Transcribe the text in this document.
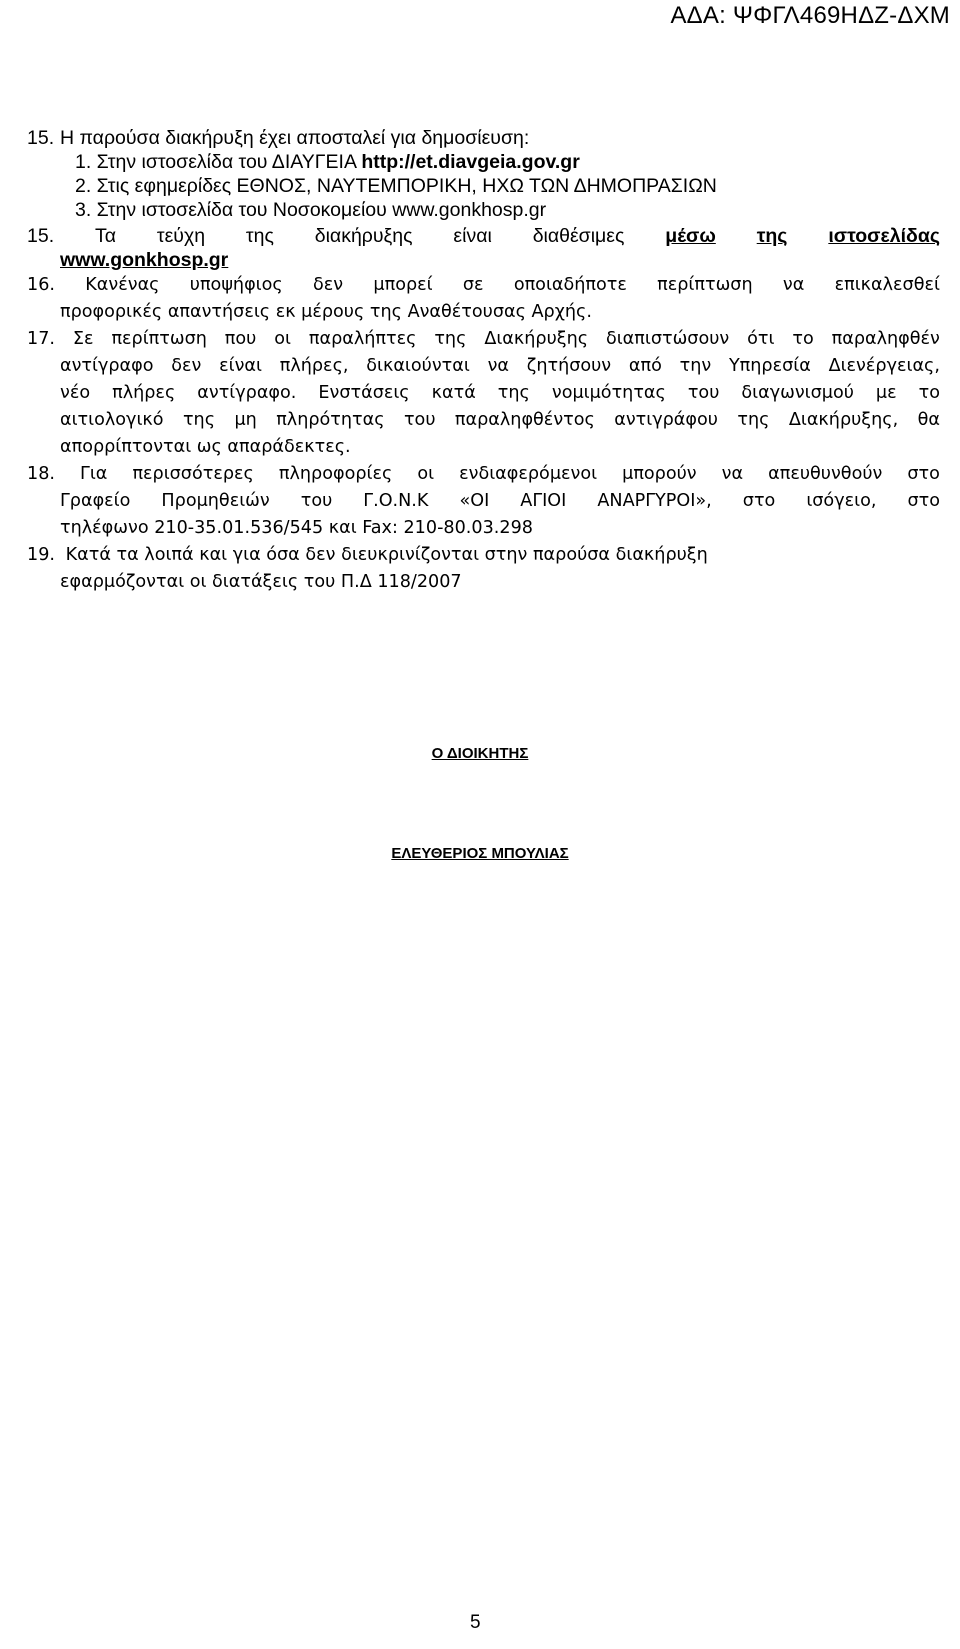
ΑΔΑ: ΨΦΓΛ469ΗΔΖ-ΔΧΜ
15. Η παρούσα διακήρυξη έχει αποσταλεί για δημοσίευση:
1. Στην ιστοσελίδα του ΔΙΑΥΓΕΙΑ http://et.diavgeia.gov.gr
2. Στις εφημερίδες ΕΘΝΟΣ, ΝΑΥΤΕΜΠΟΡΙΚΗ, ΗΧΩ ΤΩΝ ΔΗΜΟΠΡΑΣΙΩΝ
3. Στην ιστοσελίδα του Νοσοκομείου www.gonkhosp.gr
15. Τα τεύχη της διακήρυξης είναι διαθέσιμες μέσω της ιστοσελίδας
www.gonkhosp.gr
16. Κανένας υποψήφιος δεν μπορεί σε οποιαδήποτε περίπτωση να επικαλεσθεί
προφορικές απαντήσεις εκ μέρους της Αναθέτουσας Αρχής.
17. Σε περίπτωση που οι παραλήπτες της Διακήρυξης διαπιστώσουν ότι το παραληφθέν
αντίγραφο δεν είναι πλήρες, δικαιούνται να ζητήσουν από την Υπηρεσία Διενέργειας,
νέο πλήρες αντίγραφο. Ενστάσεις κατά της νομιμότητας του διαγωνισμού με το
αιτιολογικό της μη πληρότητας του παραληφθέντος αντιγράφου της Διακήρυξης, θα
απορρίπτονται ως απαράδεκτες.
18. Για περισσότερες πληροφορίες οι ενδιαφερόμενοι μπορούν να απευθυνθούν στο
Γραφείο Προμηθειών του Γ.Ο.Ν.Κ «ΟΙ ΑΓΙΟΙ ΑΝΑΡΓΥΡΟΙ», στο ισόγειο, στο
τηλέφωνο 210-35.01.536/545 και Fax: 210-80.03.298
19. Κατά τα λοιπά και για όσα δεν διευκρινίζονται στην παρούσα διακήρυξη
εφαρμόζονται οι διατάξεις του Π.Δ 118/2007
Ο ΔΙΟΙΚΗΤΗΣ
ΕΛΕΥΘΕΡΙΟΣ ΜΠΟΥΛΙΑΣ
5
